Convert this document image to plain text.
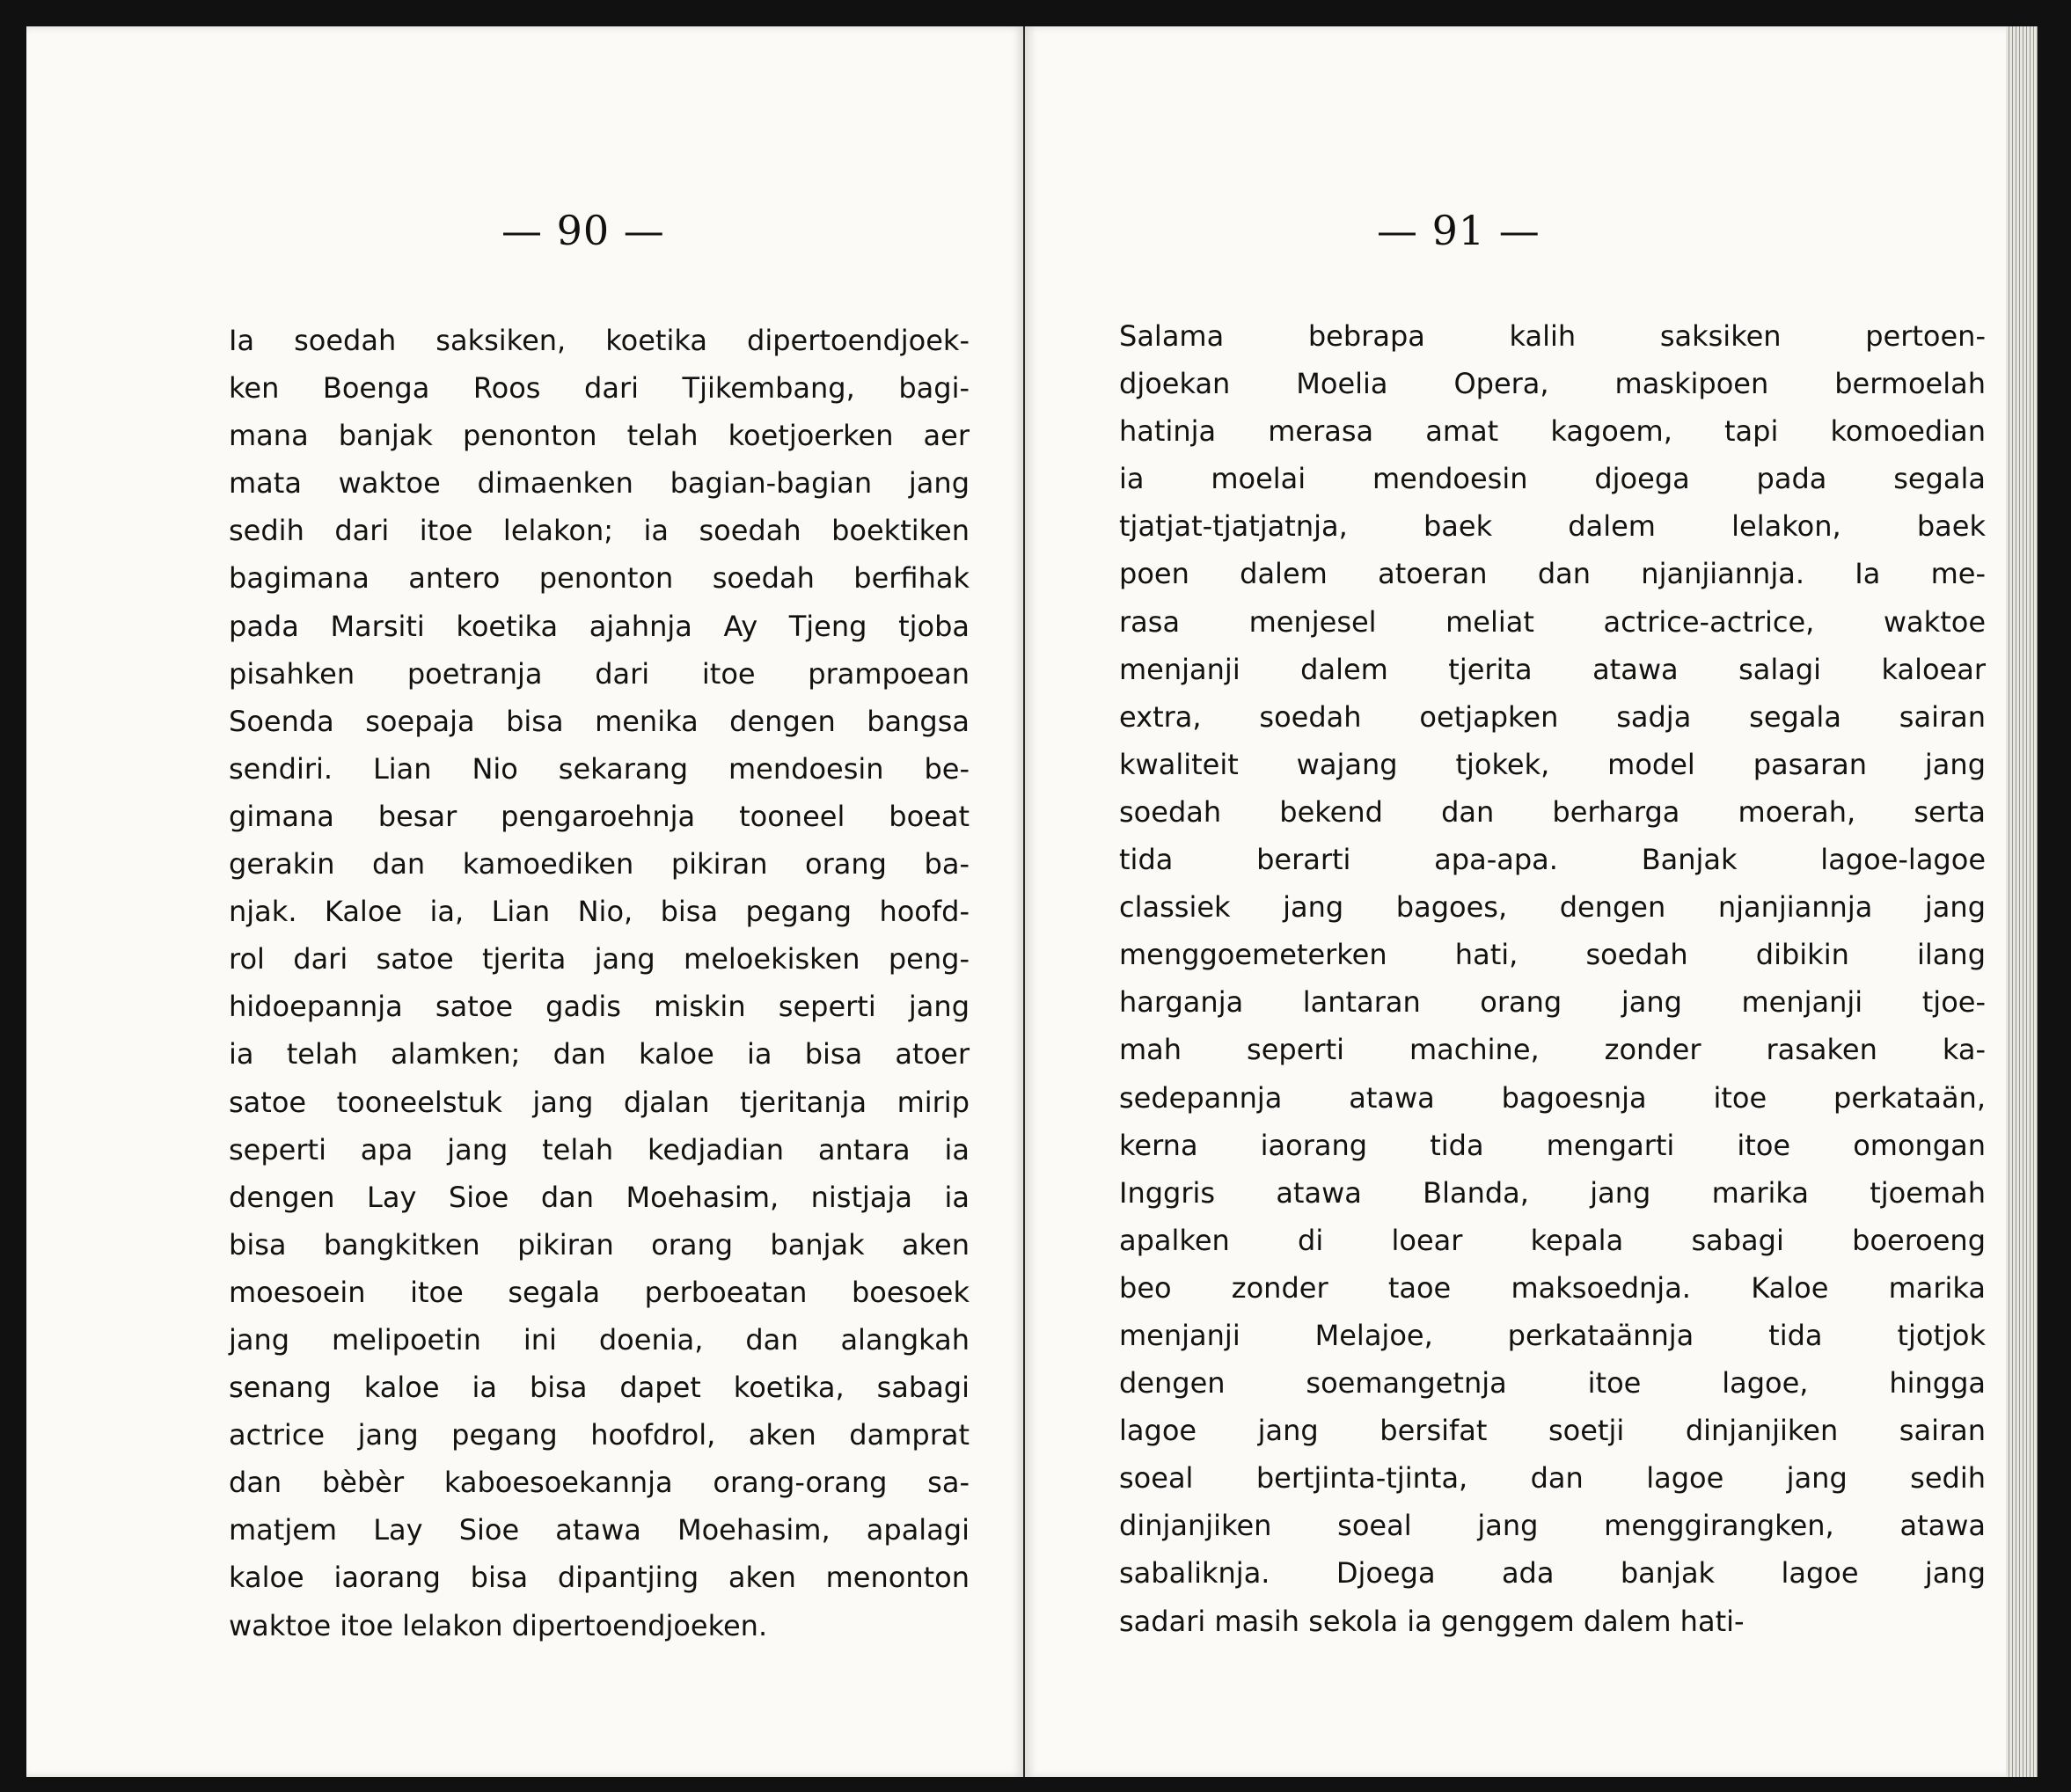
— 90 —
Ia soedah saksiken, koetika dipertoendjoek-
ken Boenga Roos dari Tjikembang, bagi-
mana banjak penonton telah koetjoerken aer
mata waktoe dimaenken bagian-bagian jang
sedih dari itoe lelakon; ia soedah boektiken
bagimana antero penonton soedah berfihak
pada Marsiti koetika ajahnja Ay Tjeng tjoba
pisahken poetranja dari itoe prampoean
Soenda soepaja bisa menika dengen bangsa
sendiri. Lian Nio sekarang mendoesin be-
gimana besar pengaroehnja tooneel boeat
gerakin dan kamoediken pikiran orang ba-
njak. Kaloe ia, Lian Nio, bisa pegang hoofd-
rol dari satoe tjerita jang meloekisken peng-
hidoepannja satoe gadis miskin seperti jang
ia telah alamken; dan kaloe ia bisa atoer
satoe tooneelstuk jang djalan tjeritanja mirip
seperti apa jang telah kedjadian antara ia
dengen Lay Sioe dan Moehasim, nistjaja ia
bisa bangkitken pikiran orang banjak aken
moesoein itoe segala perboeatan boesoek
jang melipoetin ini doenia, dan alangkah
senang kaloe ia bisa dapet koetika, sabagi
actrice jang pegang hoofdrol, aken damprat
dan bèbèr kaboesoekannja orang-orang sa-
matjem Lay Sioe atawa Moehasim, apalagi
kaloe iaorang bisa dipantjing aken menonton
waktoe itoe lelakon dipertoendjoeken.
— 91 —
Salama bebrapa kalih saksiken pertoen-
djoekan Moelia Opera, maskipoen bermoelah
hatinja merasa amat kagoem, tapi komoedian
ia moelai mendoesin djoega pada segala
tjatjat-tjatjatnja, baek dalem lelakon, baek
poen dalem atoeran dan njanjiannja. Ia me-
rasa menjesel meliat actrice-actrice, waktoe
menjanji dalem tjerita atawa salagi kaloear
extra, soedah oetjapken sadja segala sairan
kwaliteit wajang tjokek, model pasaran jang
soedah bekend dan berharga moerah, serta
tida berarti apa-apa. Banjak lagoe-lagoe
classiek jang bagoes, dengen njanjiannja jang
menggoemeterken hati, soedah dibikin ilang
harganja lantaran orang jang menjanji tjoe-
mah seperti machine, zonder rasaken ka-
sedepannja atawa bagoesnja itoe perkataän,
kerna iaorang tida mengarti itoe omongan
Inggris atawa Blanda, jang marika tjoemah
apalken di loear kepala sabagi boeroeng
beo zonder taoe maksoednja. Kaloe marika
menjanji Melajoe, perkataännja tida tjotjok
dengen soemangetnja itoe lagoe, hingga
lagoe jang bersifat soetji dinjanjiken sairan
soeal bertjinta-tjinta, dan lagoe jang sedih
dinjanjiken soeal jang menggirangken, atawa
sabaliknja. Djoega ada banjak lagoe jang
sadari masih sekola ia genggem dalem hati-
